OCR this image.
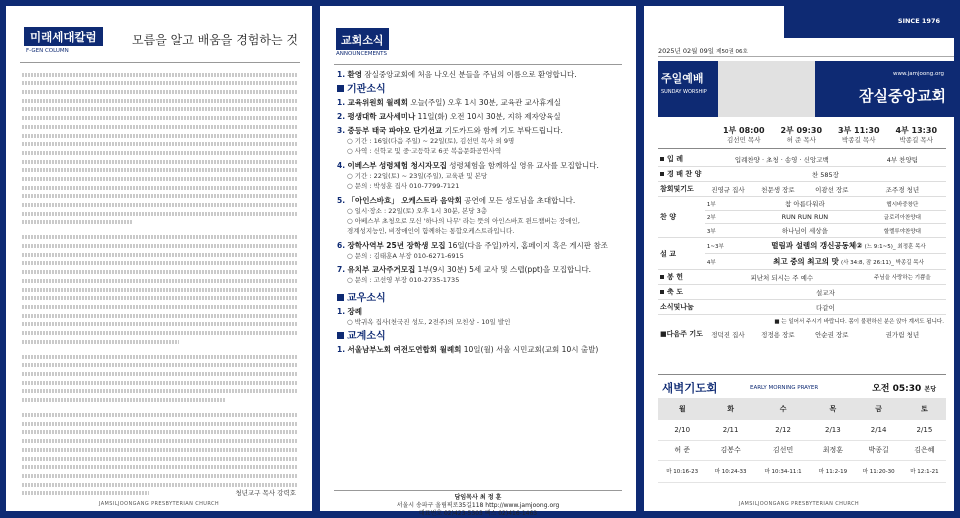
미래세대칼럼
F-GEN COLUMN
모름을 알고 배움을 경험하는 것
청년교구 목사 강력호
JAMSILJOONGANG PRESBYTERIAN CHURCH
교회소식
ANNOUNCEMENTS
1. 환영 잠실중앙교회에 처음 나오신 분들을 주님의 이름으로 환영합니다.
기관소식
1. 교육위원회 월례회 오늘(주일) 오후 1시 30분, 교육관 교사휴게실
2. 평생대학 교사세미나 11일(화) 오전 10시 30분, 지하 제자양육실
3. 중등부 태국 파야오 단기선교 기도카드와 함께 기도 부탁드립니다.
○ 기간 : 16일(다음 주일) ~ 22일(토), 김선민 목사 외 9명
○ 사역 : 신학교 및 중·고등학교 6곳 복음문화공연사역
4. 이베스부 성령체험 청시자모집 성령체험을 함께하실 영유 교사를 모집합니다.
○ 기간 : 22일(토) ~ 23일(주일), 교육관 및 본당
○ 문의 : 박성훈 집사 010-7799-7121
5. 「아인스바흐」 오케스트라 음악회 공연에 모든 성도님을 초대합니다.
○ 일시·장소 : 22일(토) 오후 1시 30분, 본당 3층
○ 아베스부 초청으로 모신 '하나의 나무' 라는 뜻의 아인스바흐 윈드챔버는 장애인,
경계성지능인, 비장애인이 함께하는 통합오케스트라입니다.
6. 장학사역부 25년 장학생 모집 16일(다음 주일)까지, 홈페이지 혹은 게시판 참조
○ 문의 : 김태훈A 부장 010-6271-6915
7. 유치부 교사주거모집 1부(9시 30분) 5세 교사 및 스텝(ppt)을 모집합니다.
○ 문의 : 고선영 부장 010-2735-1735
교우소식
1. 장례
○ 박귀옥 집사(천국진 성도, 2전주)의 모친상 - 10일 발인
교계소식
1. 서울남부노회 여전도연합회 월례회 10일(월) 서울 시민교회(교회 10시 출발)
담임목사 최 정 훈
서울시 송파구 올림픽로35길118 http://www.jamjoong.org
대표번호 02)423-5303 팩스 02)416-1463
SINCE 1976
2025년 02월 09일 제50권 06호
주일예배
SUNDAY WORSHIP
www.jamjoong.org
잠실중앙교회
1부 08:00
김선민 목사
2부 09:30
허 준 목사
3부 11:30
박종길 목사
4부 13:30
박종길 목사
입 례	입례찬양 · 초청 · 송영 · 신앙고백			4부 찬양팀
경 배 찬 양	찬 585장			
참회및기도	진영규 집사	천문생 장로	이광선 장로	조주경 청년
찬 양	1부	참 아름다워라		헵시바중창단
	2부	RUN RUN RUN		글로리아찬양대
	3부	하나님이 세상을		할렐루야찬양대
설 교	1~3부	떨림과 설렘의 갱신공동체② (느 9:1~5)_ 최정훈 목사		
	4부	최고 중의 최고의 맛 (사 34:8, 잠 26:11)_ 박종길 목사		
봉 헌	피난처 되시는 주 예수			주님을 사랑하는 기쁨을
축 도	설교자			
소식및나눔	다같이			
■ 는 일어서 주시기 바랍니다. 몸이 불편하신 분은 앉아 계셔도 됩니다.				
■다음주 기도	정덕진 집사	정정용 장로	안순권 장로	권가림 청년
새벽기도회	EARLY MORNING PRAYER	오전 05:30 본당
월	화	수	목	금	토
2/10	2/11	2/12	2/13	2/14	2/15
허 준	김봉수	김선민	최정훈	박종길	김은혜
마 10:16-23	마 10:24-33	마 10:34-11:1	마 11:2-19	마 11:20-30	마 12:1-21
JAMSILJOONGANG PRESBYTERIAN CHURCH
